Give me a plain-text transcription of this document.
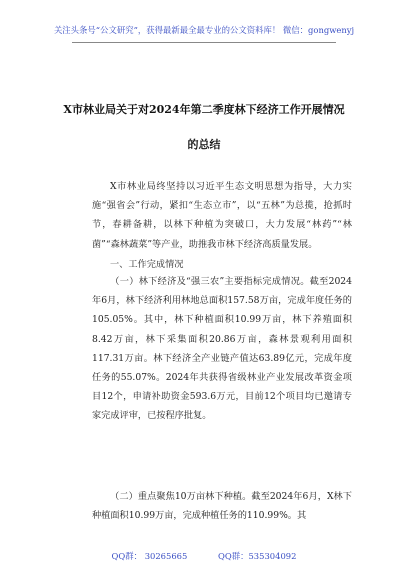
关注头条号“公文研究”，获得最新最全最专业的公文资料库！ 微信：gongwenyj
X市林业局关于对2024年第二季度林下经济工作开展情况
的总结
X市林业局终坚持以习近平生态文明思想为指导，大力实施“强省会”行动，紧扣“生态立市”，以“五林”为总揽，抢抓时节，春耕备耕，以林下种植为突破口，大力发展“林药”“林菌”“森林蔬菜”等产业，助推我市林下经济高质量发展。
一、工作完成情况
（一）林下经济及“强三农”主要指标完成情况。截至2024年6月，林下经济利用林地总面积157.58万亩，完成年度任务的105.05%。其中，林下种植面积10.99万亩，林下养殖面积8.42万亩，林下采集面积20.86万亩，森林景观利用面积117.31万亩。林下经济全产业链产值达63.89亿元，完成年度任务的55.07%。2024年共获得省级林业产业发展改革资金项目12个，申请补助资金593.6万元，目前12个项目均已邀请专家完成评审，已按程序批复。
（二）重点聚焦10万亩林下种植。截至2024年6月，X林下种植面积10.99万亩，完成种植任务的110.99%。其
QQ群： 30265665	QQ群：535304092
